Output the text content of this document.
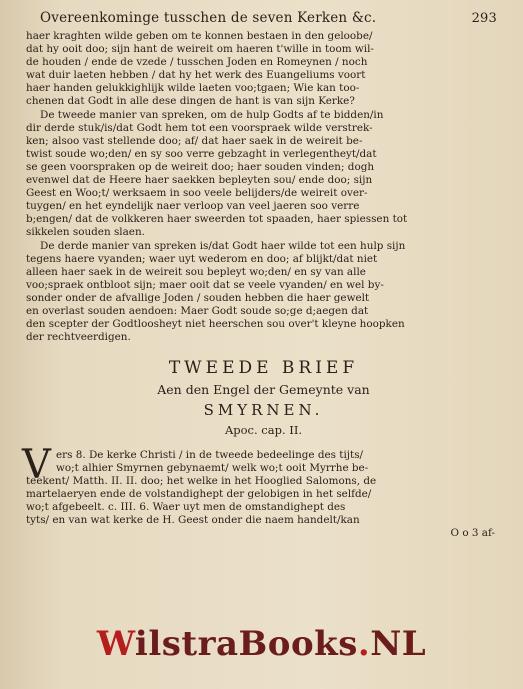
Overeenkominge tusschen de seven Kerken &c.	293
haer kraghten wilde geben om te konnen bestaen in den geloobe/
dat hy ooit doo; sijn hant de weireit om haeren t'wille in toom wil-
de houden / ende de vzede / tusschen Joden en Romeynen / noch
wat duir laeten hebben / dat hy het werk des Euangeliums voort
haer handen gelukkighlijk wilde laeten voo;tgaen; Wie kan too-
chenen dat Godt in alle dese dingen de hant is van sijn Kerke?
De tweede manier van spreken, om de hulp Godts af te bidden/in
dir derde stuk/is/dat Godt hem tot een voorspraek wilde verstrek-
ken; alsoo vast stellende doo; af/ dat haer saek in de weireit be-
twist soude wo;den/ en sy soo verre gebzaght in verlegentheyt/dat
se geen voorspraken op de weireit doo; haer souden vinden; dogh
evenwel dat de Heere haer saekken bepleyten sou/ ende doo; sijn
Geest en Woo;t/ werksaem in soo veele belijders/de weireit over-
tuygen/ en het eyndelijk naer verloop van veel jaeren soo verre
b;engen/ dat de volkkeren haer sweerden tot spaaden, haer spiessen tot
sikkelen souden slaen.
De derde manier van spreken is/dat Godt haer wilde tot een hulp sijn
tegens haere vyanden; waer uyt wederom en doo; af blijkt/dat niet
alleen haer saek in de weireit sou bepleyt wo;den/ en sy van alle
voo;spraek ontbloot sijn; maer ooit dat se veele vyanden/ en wel by-
sonder onder de afvallige Joden / souden hebben die haer gewelt
en overlast souden aendoen: Maer Godt soude so;ge d;aegen dat
den scepter der Godtloosheyt niet heerschen sou over't kleyne hoopken
der rechtveerdigen.
TWEEDE BRIEF
Aen den Engel der Gemeynte van
SMYRNEN.
Apoc. cap. II.
V ers 8. De kerke Christi / in de tweede bedeelinge des tijts/
wo;t alhier Smyrnen gebynaemt/ welk wo;t ooit Myrrhe be-
teekent/ Matth. II. II. doo; het welke in het Hooglied Salomons, de
martelaeryen ende de volstandighept der gelobigen in het selfde/
wo;t afgebeelt. c. III. 6. Waer uyt men de omstandighept des
tyts/ en van wat kerke de H. Geest onder die naem handelt/kan
O o 3 af-
WilstraBooks.NL
